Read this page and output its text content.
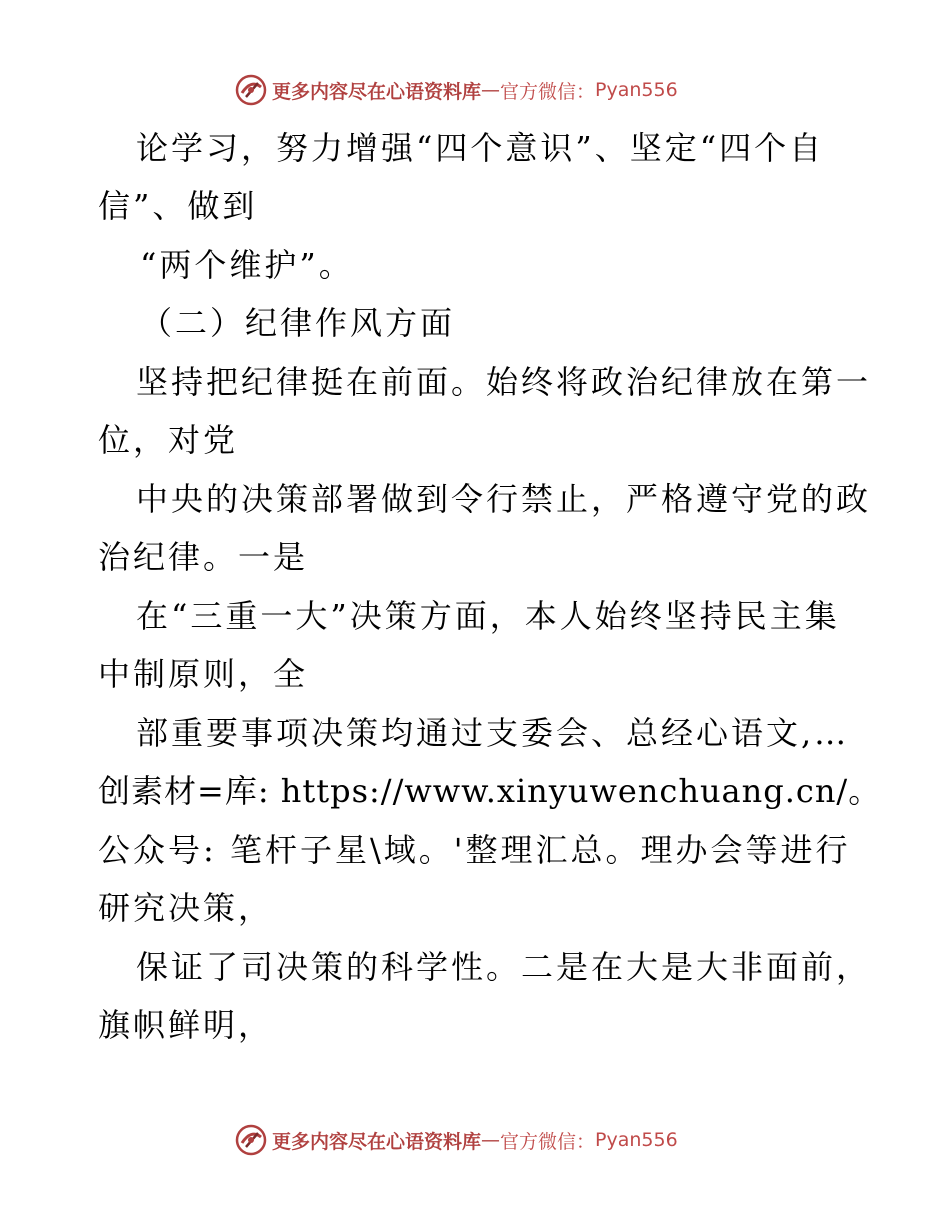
更多内容尽在心语资料库 — 官方微信： Pyan556
论学习，努力增强“四个意识”、坚定“四个自
信”、做到
“两个维护”。
（二）纪律作风方面
坚持把纪律挺在前面。始终将政治纪律放在第一
位，对党
中央的决策部署做到令行禁止，严格遵守党的政
治纪律。一是
在“三重一大”决策方面，本人始终坚持民主集
中制原则，全
部重要事项决策均通过支委会、总经心语文,…
创素材=库: https://www.xinyuwenchuang.cn/。
公众号: 笔杆子星\域。'整理汇总。理办会等进行
研究决策，
保证了司决策的科学性。二是在大是大非面前，
旗帜鲜明，
更多内容尽在心语资料库 — 官方微信： Pyan556
